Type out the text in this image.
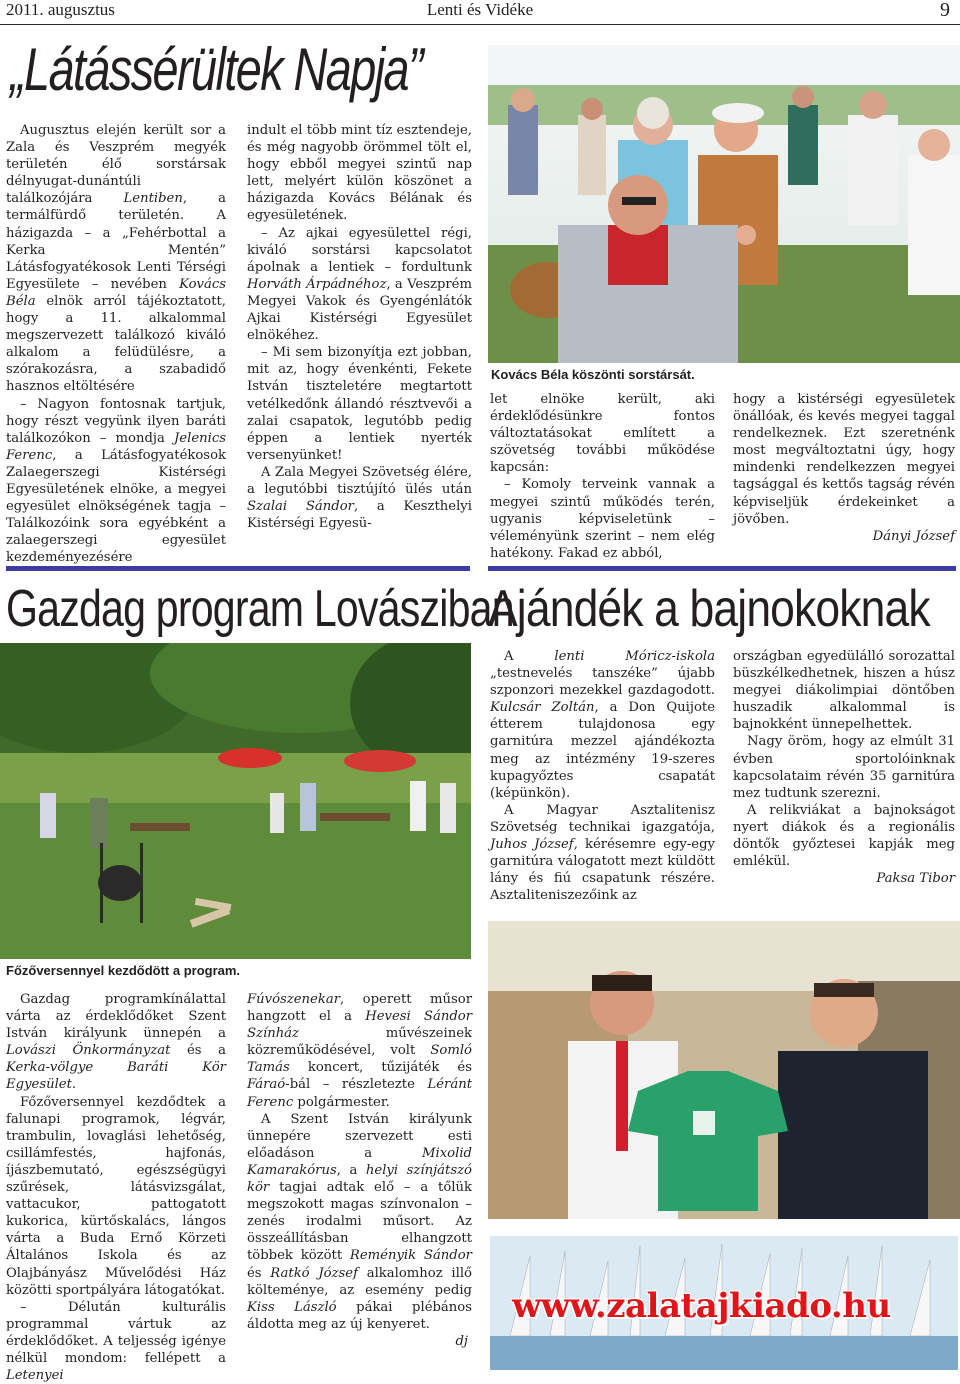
Lenti és Vidéke
2011. augusztus	9
„Látássérültek Napja”

Augusztus elején került sor a Zala és Veszprém megyék területén élő sorstársak délnyugat-dunántúli találkozójára Lentiben, a termálfürdő területén. A házigazda – a „Fehérbottal a Kerka Mentén” Látásfogyatékosok Lenti Térségi Egyesülete – nevében Kovács Béla elnök arról tájékoztatott, hogy a 11. alkalommal megszervezett találkozó kiváló alkalom a felüdülésre, a szórakozásra, a szabadidő hasznos eltöltésére

– Nagyon fontosnak tartjuk, hogy részt vegyünk ilyen baráti találkozókon – mondja Jelenics Ferenc, a Látásfogyatékosok Zalaegerszegi Kistérségi Egyesületének elnöke, a megyei egyesület elnökségének tagja – Találkozóink sora egyébként a zalaegerszegi egyesület kezdeményezésére

indult el több mint tíz esztendeje, és még nagyobb örömmel tölt el, hogy ebből megyei szintű nap lett, melyért külön köszönet a házigazda Kovács Bélának és egyesületének.

– Az ajkai egyesülettel régi, kiváló sorstársi kapcsolatot ápolnak a lentiek – fordultunk Horváth Árpádnéhoz, a Veszprém Megyei Vakok és Gyengénlátók Ajkai Kistérségi Egyesület elnökéhez.

– Mi sem bizonyítja ezt jobban, mit az, hogy évenkénti, Fekete István tiszteletére megtartott vetélkedőnk állandó résztvevői a zalai csapatok, legutóbb pedig éppen a lentiek nyerték versenyünket!

A Zala Megyei Szövetség élére, a legutóbbi tisztújító ülés után Szalai Sándor, a Keszthelyi Kistérségi Egyesü-

Kovács Béla köszönti sorstársát.

let elnöke került, aki érdeklődésünkre fontos változtatásokat említett a szövetség további működése kapcsán:

– Komoly terveink vannak a megyei szintű működés terén, ugyanis képviseletünk – véleményünk szerint – nem elég hatékony. Fakad ez abból,

hogy a kistérségi egyesületek önállóak, és kevés megyei taggal rendelkeznek. Ezt szeretnénk most megváltoztatni úgy, hogy mindenki rendelkezzen megyei tagsággal és kettős tagság révén képviseljük érdekeinket a jövőben.

Dányi József
Gazdag program Lovásziban
Ajándék a bajnokoknak
Főzőversennyel kezdődött a program.

Gazdag programkínálattal várta az érdeklődőket Szent István királyunk ünnepén a Lovászi Önkormányzat és a Kerka-völgye Baráti Kör Egyesület.

Főzőversennyel kezdődtek a falunapi programok, légvár, trambulin, lovaglási lehetőség, csillámfestés, hajfonás, íjászbemutató, egészségügyi szűrések, látásvizsgálat, vattacukor, pattogatott kukorica, kürtőskalács, lángos várta a Buda Ernő Körzeti Általános Iskola és az Olajbányász Művelődési Ház közötti sportpályára látogatókat.

– Délután kulturális programmal vártuk az érdeklődőket. A teljesség igénye nélkül mondom: fellépett a Letenyei

Fúvószenekar, operett műsor hangzott el a Hevesi Sándor Színház művészeinek közreműködésével, volt Somló Tamás koncert, tűzijáték és Fáraó-bál – részletezte Léránt Ferenc polgármester.

A Szent István királyunk ünnepére szervezett esti előadáson a Mixolid Kamarakórus, a helyi színjátszó kör tagjai adtak elő – a tőlük megszokott magas színvonalon – zenés irodalmi műsort. Az összeállításban elhangzott többek között Reményik Sándor és Ratkó József alkalomhoz illő költeménye, az esemény pedig Kiss László pákai plébános áldotta meg az új kenyeret.

dj

A lenti Móricz-iskola „testnevelés tanszéke” újabb szponzori mezekkel gazdagodott. Kulcsár Zoltán, a Don Quijote étterem tulajdonosa egy garnitúra mezzel ajándékozta meg az intézmény 19-szeres kupagyőztes csapatát (képünkön).

A Magyar Asztalitenisz Szövetség technikai igazgatója, Juhos József, kérésemre egy-egy garnitúra válogatott mezt küldött lány és fiú csapatunk részére. Asztaliteniszezőink az

országban egyedülálló sorozattal büszkélkedhetnek, hiszen a húsz megyei diákolimpiai döntőben huszadik alkalommal is bajnokként ünnepelhettek.

Nagy öröm, hogy az elmúlt 31 évben sportolóinknak kapcsolataim révén 35 garnitúra mez tudtunk szerezni.

A relikviákat a bajnokságot nyert diákok és a regionális döntők győztesei kapják meg emlékül.

Paksa Tibor
www.zalatajkiado.hu
